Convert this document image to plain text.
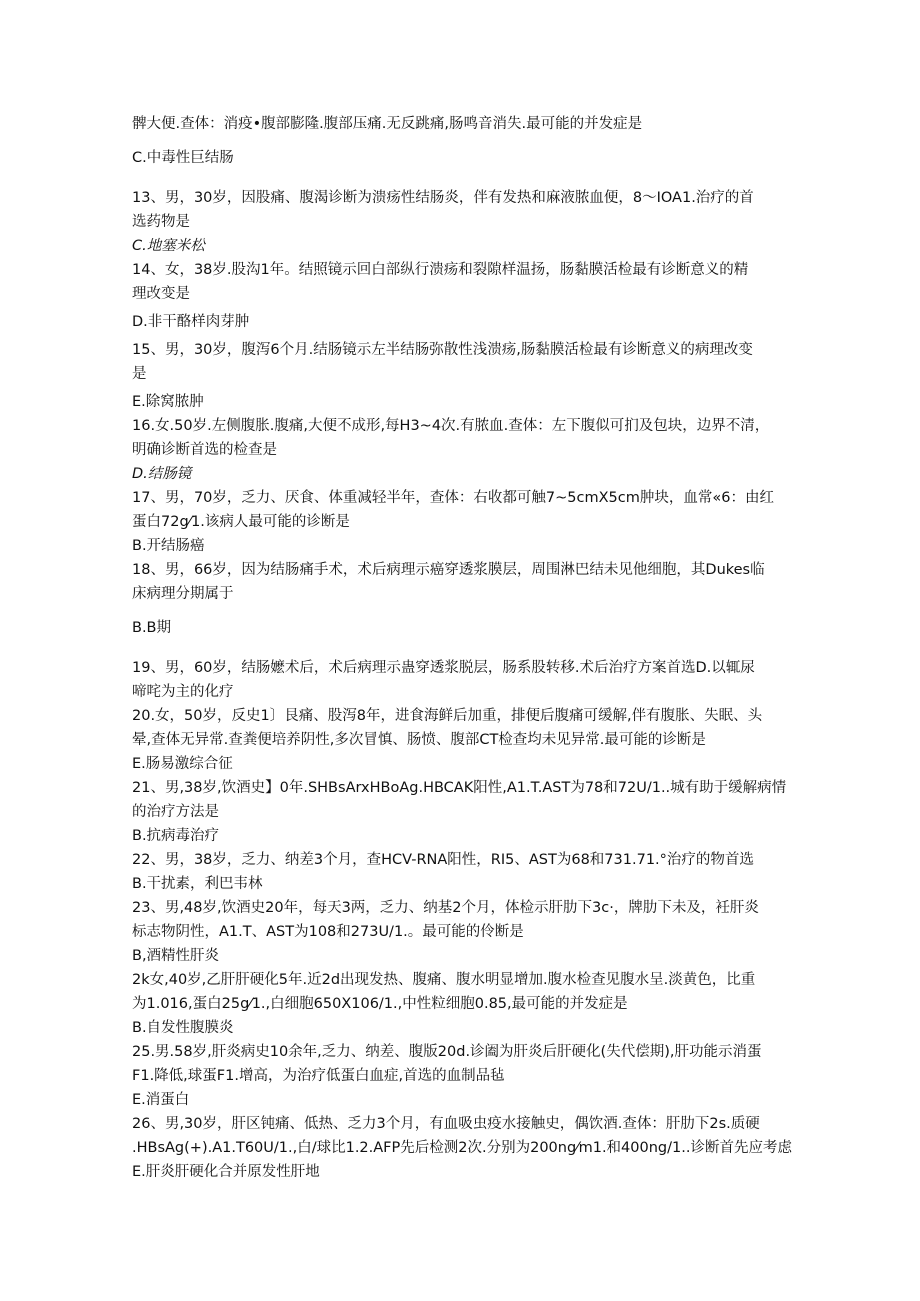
髀大便.查体：消疫•腹部膨隆.腹部压痛.无反跳痛,肠鸣音消失.最可能的并发症是
C.中毒性巨结肠
13、男，30岁，因股痛、腹渴诊断为溃疡性结肠炎，伴有发热和麻液脓血便，8～IOA1.治疗的首
选药物是
C.地塞米松
14、女，38岁.股沟1年。结照镜示回白部纵行溃疡和裂隙样温扬，肠黏膜活检最有诊断意义的精
理改变是
D.非干酪样肉芽肿
15、男，30岁，腹泻6个月.结肠镜示左半结肠弥散性浅溃疡,肠黏膜活检最有诊断意义的病理改变
是
E.除窝脓肿
16.女.50岁.左侧腹胀.腹痛,大便不成形,每H3~4次.有脓血.查体：左下腹似可扪及包块，边界不清，
明确诊断首选的检查是
D.结肠镜
17、男，70岁，乏力、厌食、体重减轻半年，查体：右收都可触7~5cmX5cm肿块，血常«6：由红
蛋白72g⁄1.该病人最可能的诊断是
B.开结肠癌
18、男，66岁，因为结肠痛手术，术后病理示癌穿透浆膜层，周围淋巴结未见他细胞，其Dukes临
床病理分期属于
B.B期
19、男，60岁，结肠嬷术后，术后病理示蛊穿透浆脱层，肠系股转移.术后治疗方案首选D.以辄尿
啼咤为主的化疗
20.女，50岁，反史1〕艮痛、股泻8年，进食海鲜后加重，排便后腹痛可缓解,伴有腹胀、失眠、头
晕,查体无异常.查粪便培养阴性,多次冒慎、肠愤、腹部CT检查均未见异常.最可能的诊断是
E.肠易激综合征
21、男,38岁,饮酒史】0年.ЅHBsArxHBoAg.HBCAK阳性,A1.T.AST为78和72U/1..城有助于缓解病情
的治疗方法是
B.抗病毒治疗
22、男，38岁，乏力、纳差3个月，查HCV-RNA阳性，RI5、AST为68和731.71.°治疗的物首选
B.干扰素，利巴韦林
23、男,48岁,饮酒史20年，每天3两，乏力、纳基2个月，体检示肝肋下3c·，牌肋下未及，衽肝炎
标志物阴性，A1.T、AST为108和273U/1.。最可能的伶断是
B,酒精性肝炎
2k女,40岁,乙肝肝硬化5年.近2d出现发热、腹痛、腹水明显增加.腹水检查见腹水呈.淡黄色，比重
为1.016,蛋白25g⁄1.,白细胞650X106/1.,中性粒细胞0.85,最可能的并发症是
B.自发性腹膜炎
25.男.58岁,肝炎病史10余年,乏力、纳差、腹版20d.诊阖为肝炎后肝硬化(失代偿期),肝功能示消蛋
F1.降低,球蛋F1.增高，为治疗低蛋白血症,首选的血制品毡
E.消蛋白
26、男,30岁，肝区钝痛、低热、乏力3个月，有血吸虫疫水接触史，偶饮酒.查体：肝肋下2s.质硬
.HBsAg(+).A1.T60U/1.,白/球比1.2.AFP先后检测2次.分别为200ng⁄m1.和400ng∕1..诊断首先应考虑
E.肝炎肝硬化合并原发性肝地
